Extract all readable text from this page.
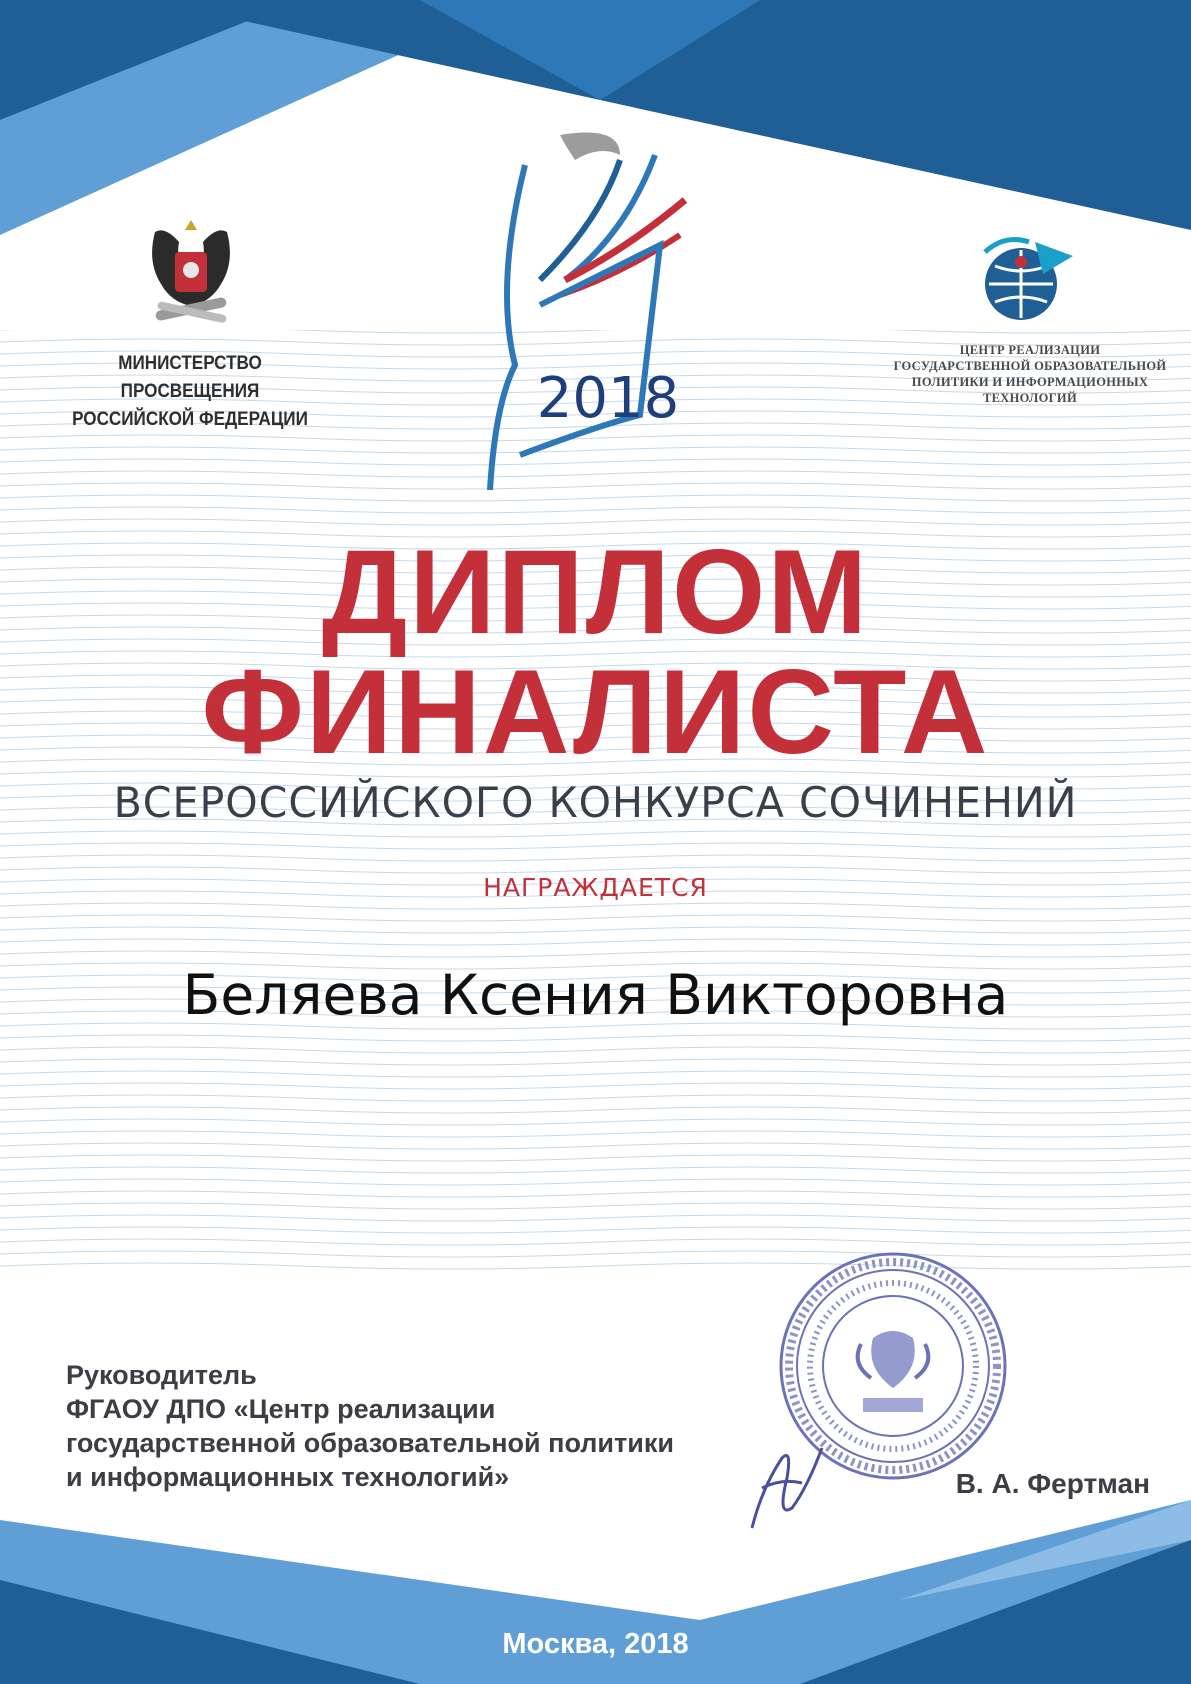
МИНИСТЕРСТВО ПРОСВЕЩЕНИЯ
РОССИЙСКОЙ ФЕДЕРАЦИИ	2018
ЦЕНТР РЕАЛИЗАЦИИ
ГОСУДАРСТВЕННОЙ ОБРАЗОВАТЕЛЬНОЙ
ПОЛИТИКИ И ИНФОРМАЦИОННЫХ
ТЕХНОЛОГИЙ
ДИПЛОМ
ФИНАЛИСТА
ВСЕРОССИЙСКОГО КОНКУРСА СОЧИНЕНИЙ
НАГРАЖДАЕТСЯ
Беляева Ксения Викторовна
Руководитель
ФГАОУ ДПО «Центр реализации
государственной образовательной политики
и информационных технологий»	В. А. Фертман
Москва, 2018
